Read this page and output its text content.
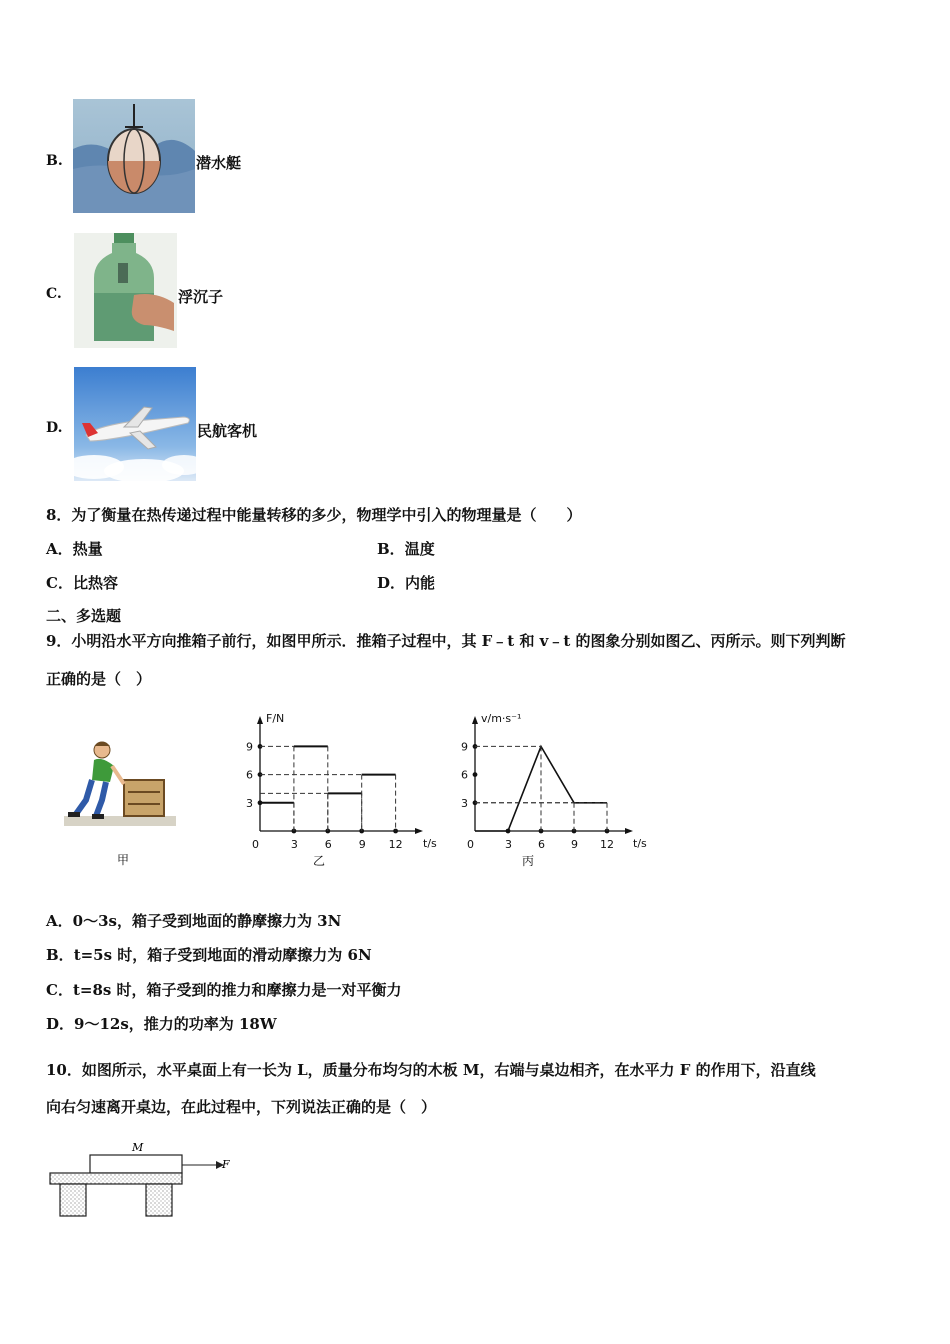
B.	潜水艇
C.	浮沉子
D.	民航客机
8．为了衡量在热传递过程中能量转移的多少，物理学中引入的物理量是（　　）
A．热量	B．温度
C．比热容	D．内能
二、多选题
9．小明沿水平方向推箱子前行，如图甲所示．推箱子过程中，其 F﹣t 和 v﹣t 的图象分别如图乙、丙所示。则下列判断
正确的是（　）
甲
F/N
t/s
0	3 6 9 12
3
6
9
乙
v/m·s⁻¹
t/s
0	3 6 9 12
3
6
9
丙
A．0～3s，箱子受到地面的静摩擦力为 3N
B．t=5s 时，箱子受到地面的滑动摩擦力为 6N
C．t=8s 时，箱子受到的推力和摩擦力是一对平衡力
D．9～12s，推力的功率为 18W
10．如图所示，水平桌面上有一长为 L，质量分布均匀的木板 M，右端与桌边相齐，在水平力 F 的作用下，沿直线
向右匀速离开桌边，在此过程中，下列说法正确的是（　）
M
F
